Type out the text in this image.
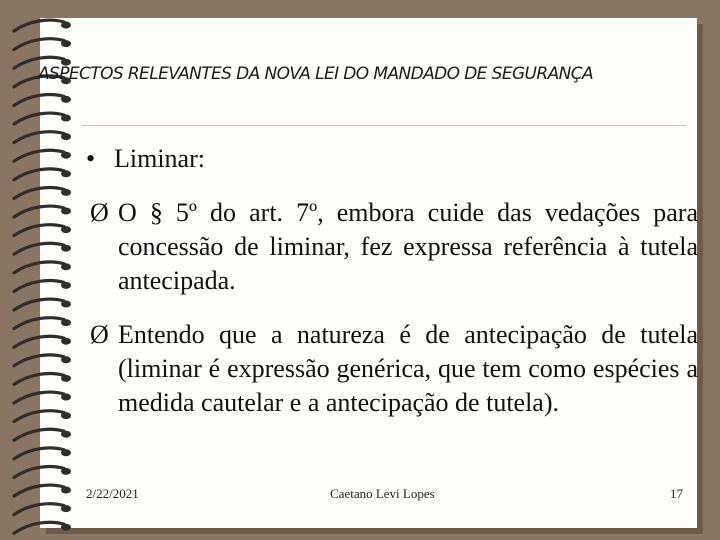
ASPECTOS RELEVANTES DA NOVA LEI DO MANDADO DE SEGURANÇA
• Liminar:
Ø O § 5º do art. 7º, embora cuide das vedações para concessão de liminar, fez expressa referência à tutela antecipada.
Ø Entendo que a natureza é de antecipação de tutela (liminar é expressão genérica, que tem como espécies a medida cautelar e a antecipação de tutela).
2/22/2021	Caetano Levi Lopes	17
